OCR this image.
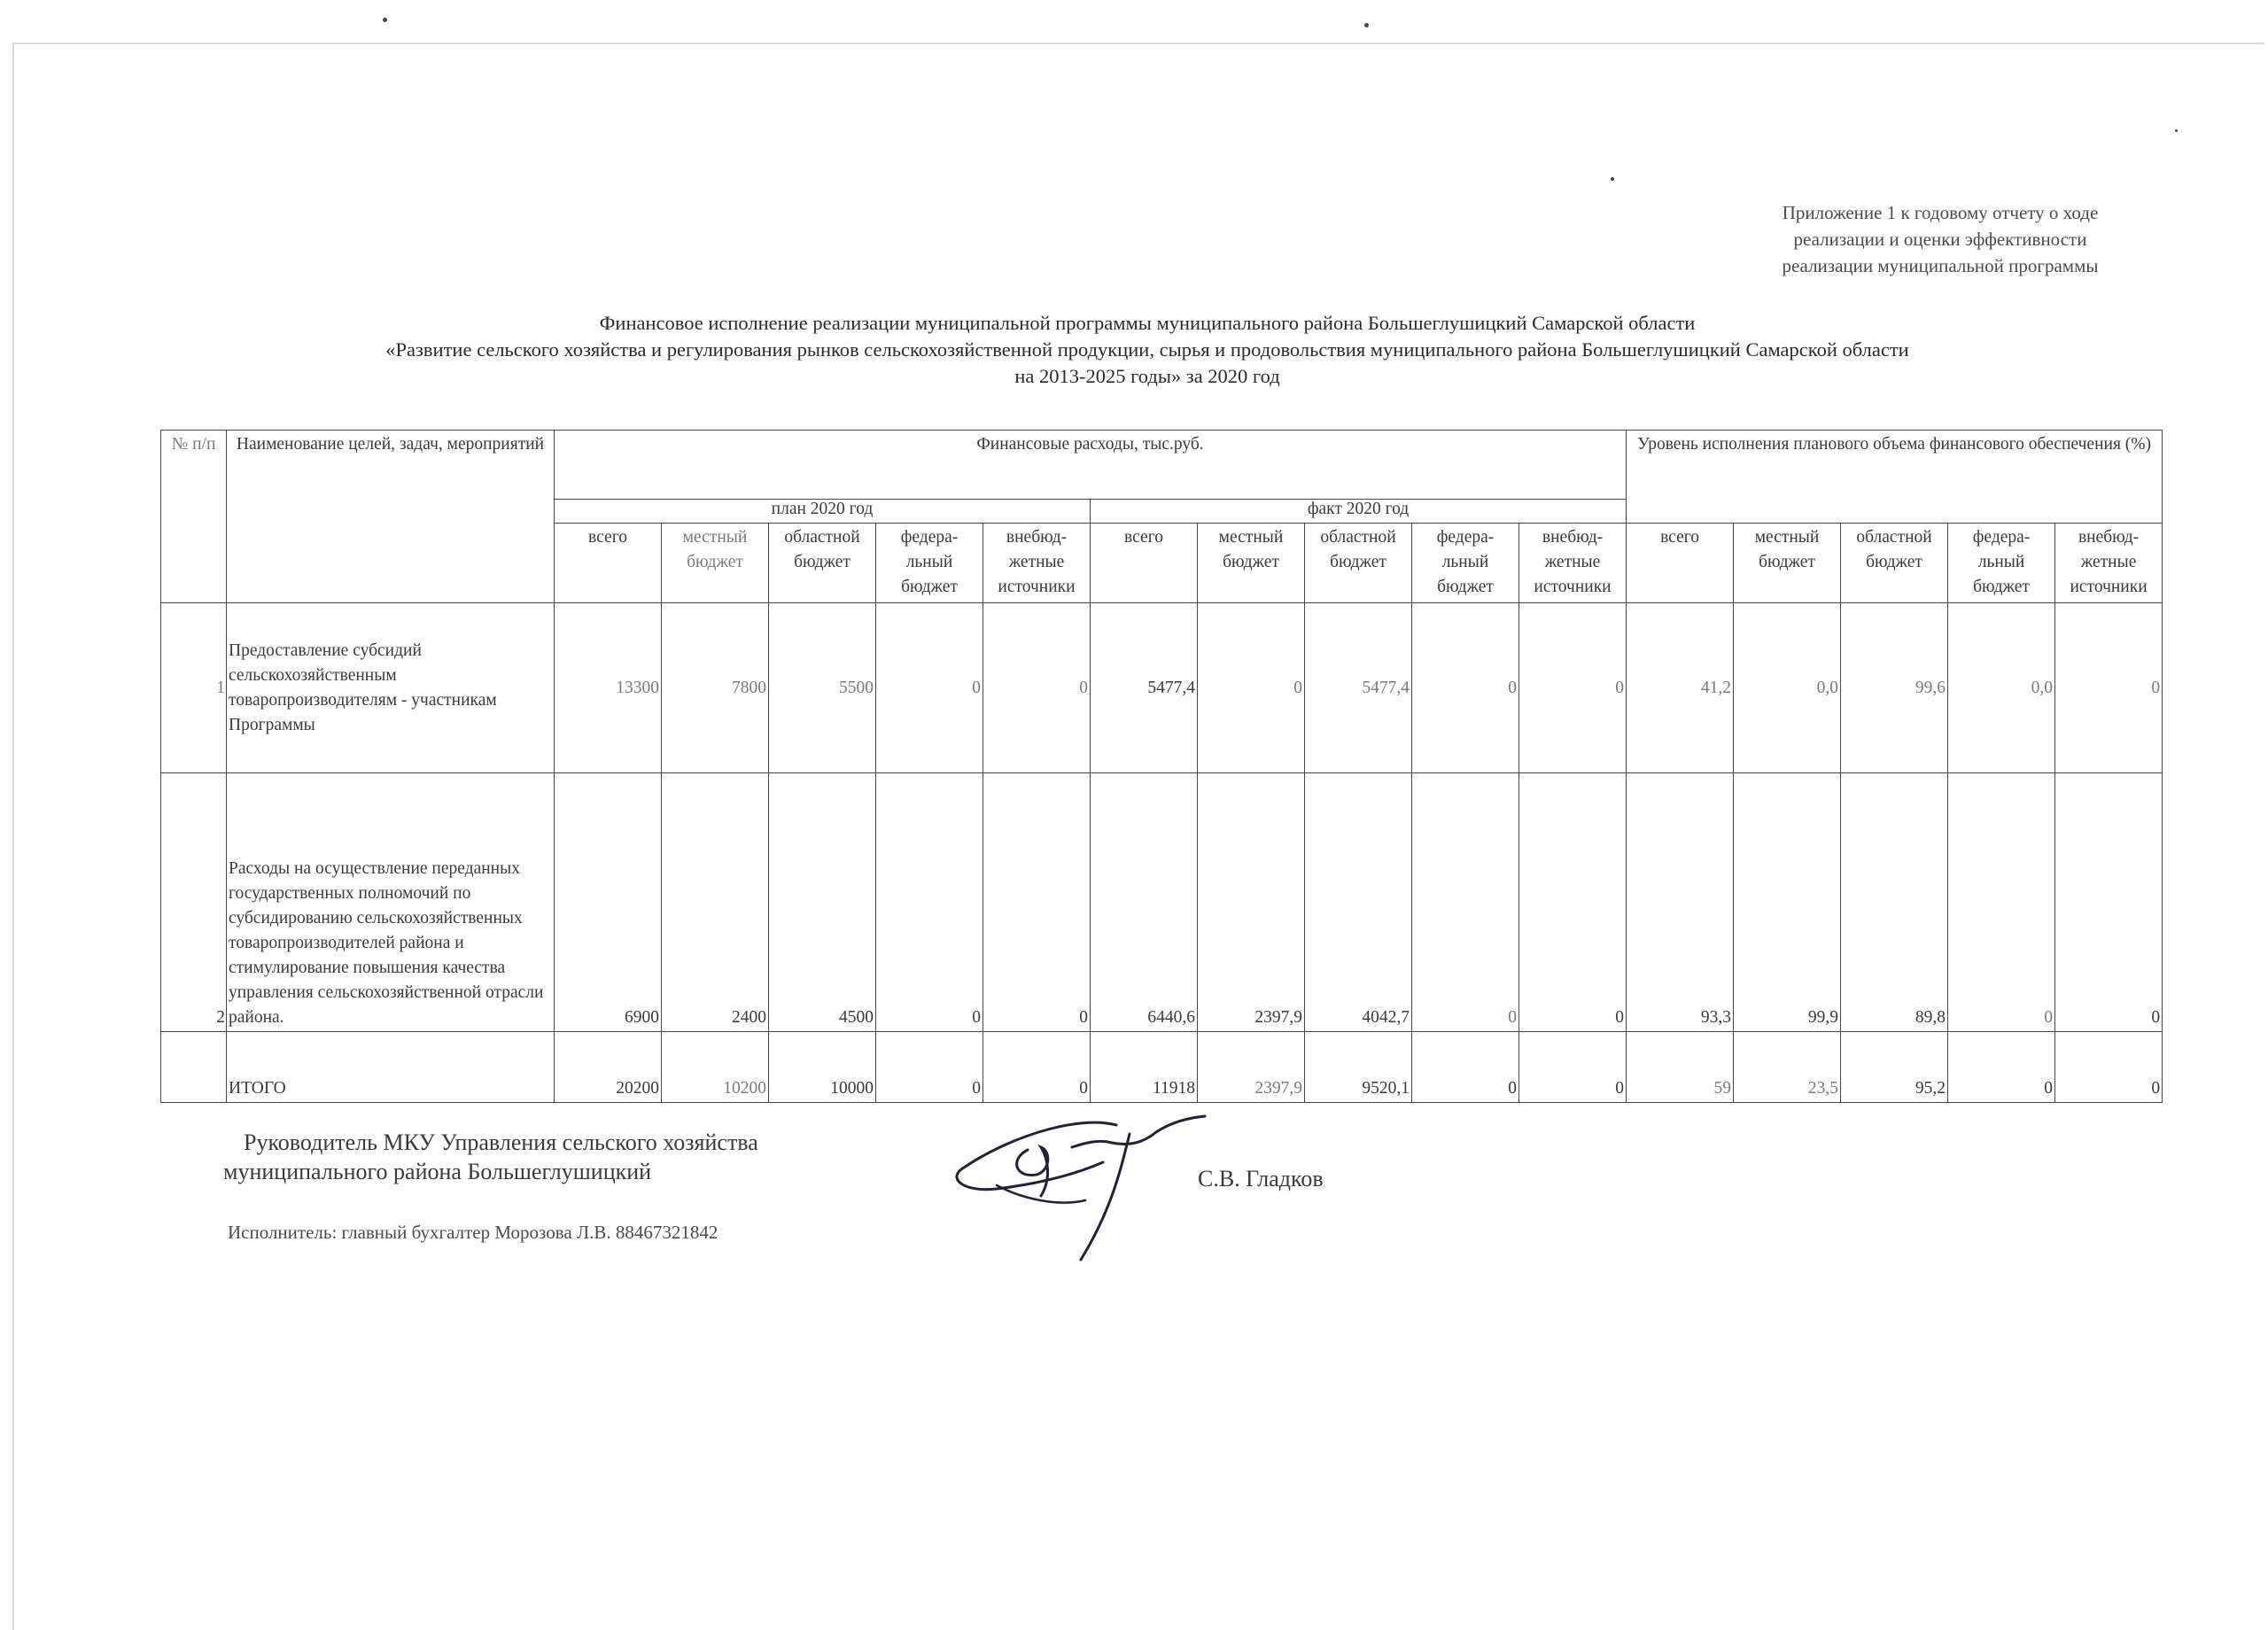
Приложение 1 к годовому отчету о ходе
реализации и оценки эффективности
реализации муниципальной программы
Финансовое исполнение реализации муниципальной программы муниципального района Большеглушицкий Самарской области
«Развитие сельского хозяйства и регулирования рынков сельскохозяйственной продукции, сырья и продовольствия муниципального района Большеглушицкий Самарской области
на 2013-2025 годы» за 2020 год
№ п/п	Наименование целей, задач, мероприятий	Финансовые расходы, тыс.руб.										Уровень исполнения планового объема финансового обеспечения (%)				
		план 2020 год					факт 2020 год									
		всего	местный бюджет	областной бюджет	федера-льный бюджет	внебюд-жетные источники	всего	местный бюджет	областной бюджет	федера-льный бюджет	внебюд-жетные источники	всего	местный бюджет	областной бюджет	федера-льный бюджет	внебюд-жетные источники
1	Предоставление субсидий сельскохозяйственным товаропроизводителям - участникам Программы	13300	7800	5500	0	0	5477,4	0	5477,4	0	0	41,2	0,0	99,6	0,0	0
2	Расходы на осуществление переданных государственных полномочий по субсидированию сельскохозяйственных товаропроизводителей района и стимулирование повышения качества управления сельскохозяйственной отрасли района.	6900	2400	4500	0	0	6440,6	2397,9	4042,7	0	0	93,3	99,9	89,8	0	0
	ИТОГО	20200	10200	10000	0	0	11918	2397,9	9520,1	0	0	59	23,5	95,2	0	0
Руководитель МКУ Управления сельского хозяйства
муниципального района Большеглушицкий	С.В. Гладков
Исполнитель: главный бухгалтер Морозова Л.В. 88467321842
